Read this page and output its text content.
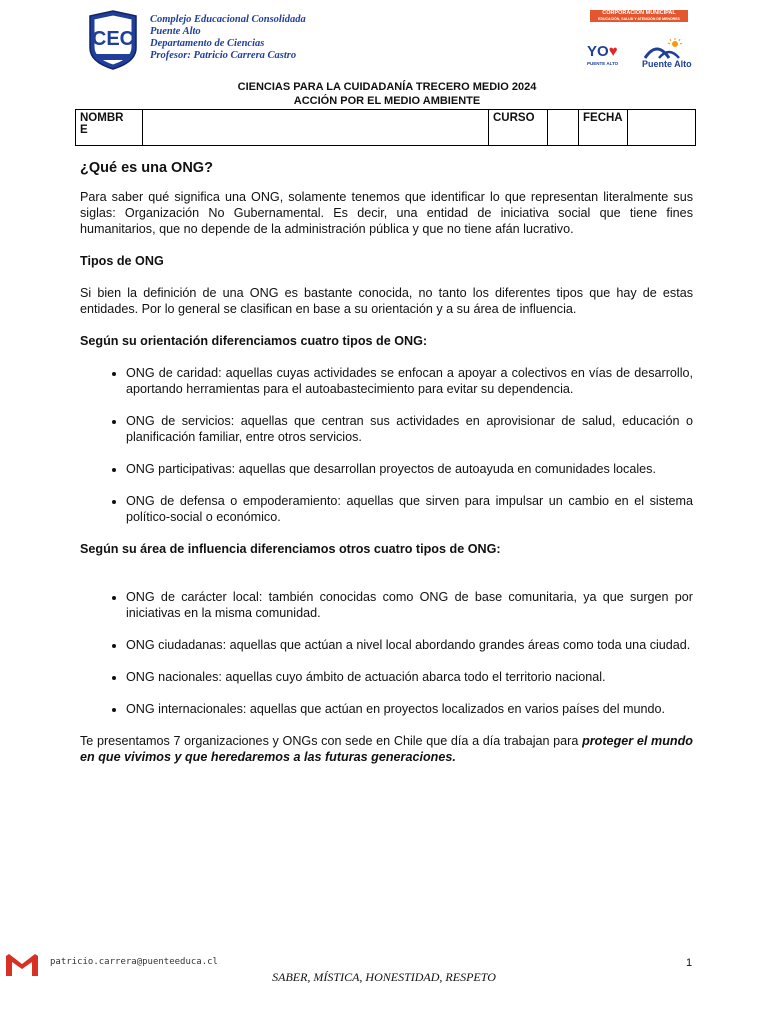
CEC
Complejo Educacional Consolidada
Puente Alto
Departamento de Ciencias
Profesor: Patricio Carrera Castro
CORPORACIÓN MUNICIPAL
EDUCACIÓN, SALUD Y ATENCIÓN DE MENORES
YO♥
PUENTE ALTO	Puente Alto
CIENCIAS PARA LA CUIDADANÍA TRECERO MEDIO 2024
ACCIÓN POR EL MEDIO AMBIENTE
NOMBR
E
		CURSO		FECHA	
¿Qué es una ONG?

Para saber qué significa una ONG, solamente tenemos que identificar lo que representan literalmente sus siglas: Organización No Gubernamental. Es decir, una entidad de iniciativa social que tiene fines humanitarios, que no depende de la administración pública y que no tiene afán lucrativo.

Tipos de ONG

Si bien la definición de una ONG es bastante conocida, no tanto los diferentes tipos que hay de estas entidades. Por lo general se clasifican en base a su orientación y a su área de influencia.

Según su orientación diferenciamos cuatro tipos de ONG:

• ONG de caridad: aquellas cuyas actividades se enfocan a apoyar a colectivos en vías de desarrollo, aportando herramientas para el autoabastecimiento para evitar su dependencia.
• ONG de servicios: aquellas que centran sus actividades en aprovisionar de salud, educación o planificación familiar, entre otros servicios.
• ONG participativas: aquellas que desarrollan proyectos de autoayuda en comunidades locales.
• ONG de defensa o empoderamiento: aquellas que sirven para impulsar un cambio en el sistema político-social o económico.

Según su área de influencia diferenciamos otros cuatro tipos de ONG:

• ONG de carácter local: también conocidas como ONG de base comunitaria, ya que surgen por iniciativas en la misma comunidad.
• ONG ciudadanas: aquellas que actúan a nivel local abordando grandes áreas como toda una ciudad.
• ONG nacionales: aquellas cuyo ámbito de actuación abarca todo el territorio nacional.
• ONG internacionales: aquellas que actúan en proyectos localizados en varios países del mundo.

Te presentamos 7 organizaciones y ONGs con sede en Chile que día a día trabajan para proteger el mundo en que vivimos y que heredaremos a las futuras generaciones.

patricio.carrera@puenteeduca.cl	1
SABER, MÍSTICA, HONESTIDAD, RESPETO
